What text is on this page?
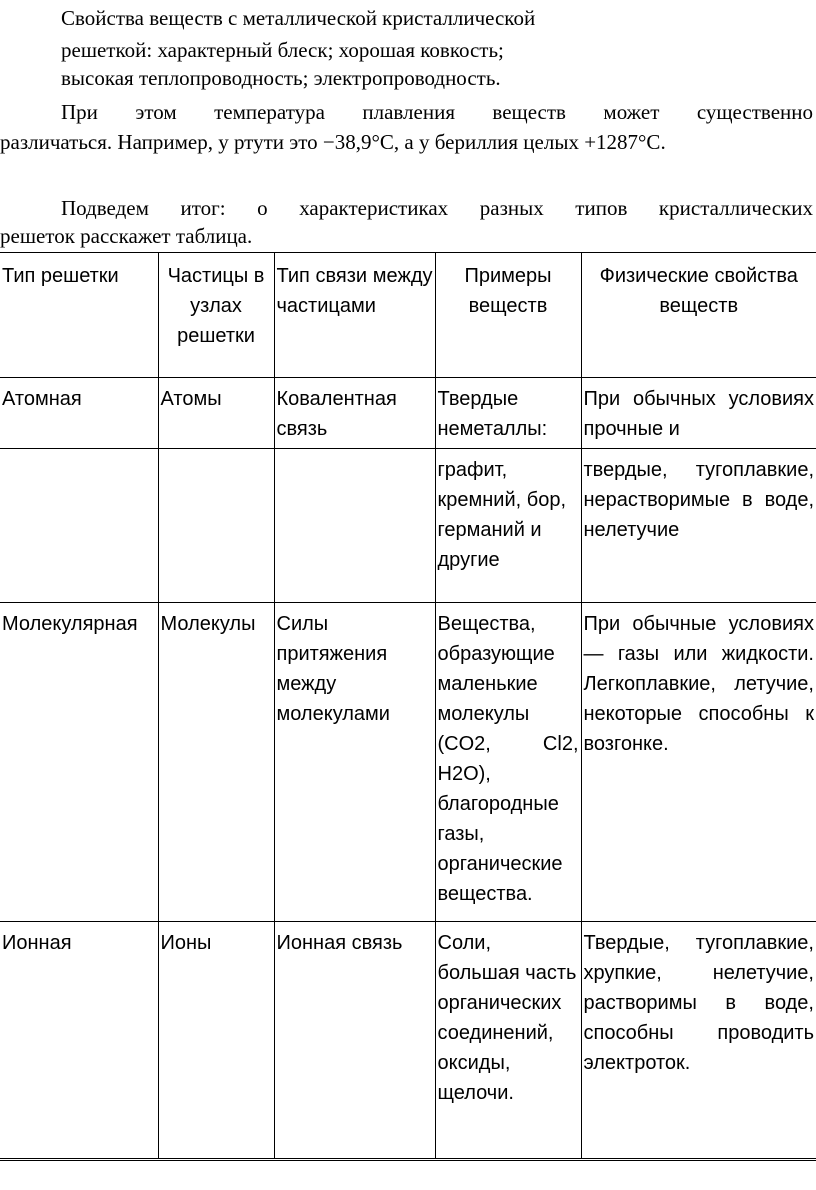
Свойства веществ с металлической кристаллической
решеткой: характерный блеск; хорошая ковкость;
высокая теплопроводность; электропроводность.
При этом температура плавления веществ может существенно
различаться. Например, у ртути это −38,9°С, а у бериллия целых +1287°С.
Подведем итог: о характеристиках разных типов кристаллических
решеток расскажет таблица.
Тип решетки	Частицы в узлах решетки	Тип связи между частицами	Примеры веществ	Физические свойства веществ
Атомная	Атомы	Ковалентная связь	Твердые неметаллы:	При обычных условиях прочные и
			графит, кремний, бор, германий и другие	твердые, тугоплавкие, нерастворимые в воде, нелетучие
Молекулярная	Молекулы	Силы притяжения между молекулами	Вещества, образующие маленькие молекулы (CO2, Cl2, H2O), благородные газы, органические вещества.	При обычные условиях — газы или жидкости. Легкоплавкие, летучие, некоторые способны к возгонке.
Ионная	Ионы	Ионная связь	Соли, большая часть органических соединений, оксиды, щелочи.	Твердые, тугоплавкие, хрупкие, нелетучие, растворимы в воде, способны проводить электроток.
